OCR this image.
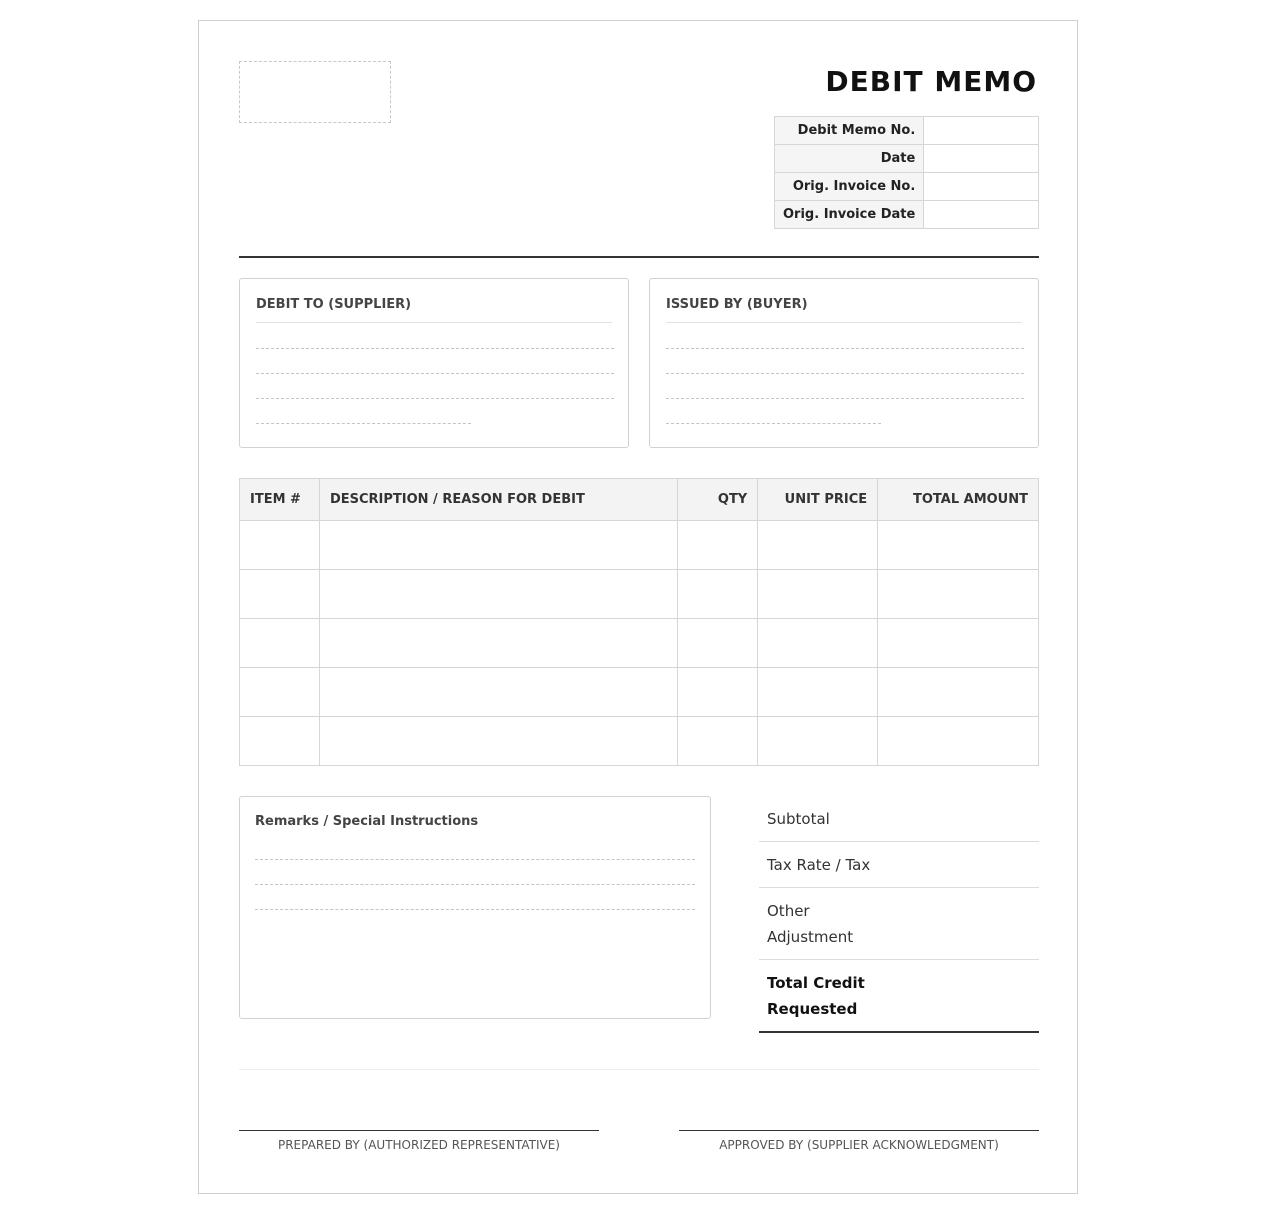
DEBIT MEMO
Debit Memo No.	
Date	
Orig. Invoice No.	
Orig. Invoice Date	
DEBIT TO (SUPPLIER)	ISSUED BY (BUYER)
ITEM #	DESCRIPTION / REASON FOR DEBIT	QTY	UNIT PRICE	TOTAL AMOUNT

Remarks / Special Instructions	Subtotal
Tax Rate / Tax
Other Adjustment
Total Credit Requested
PREPARED BY (AUTHORIZED REPRESENTATIVE)	APPROVED BY (SUPPLIER ACKNOWLEDGMENT)
